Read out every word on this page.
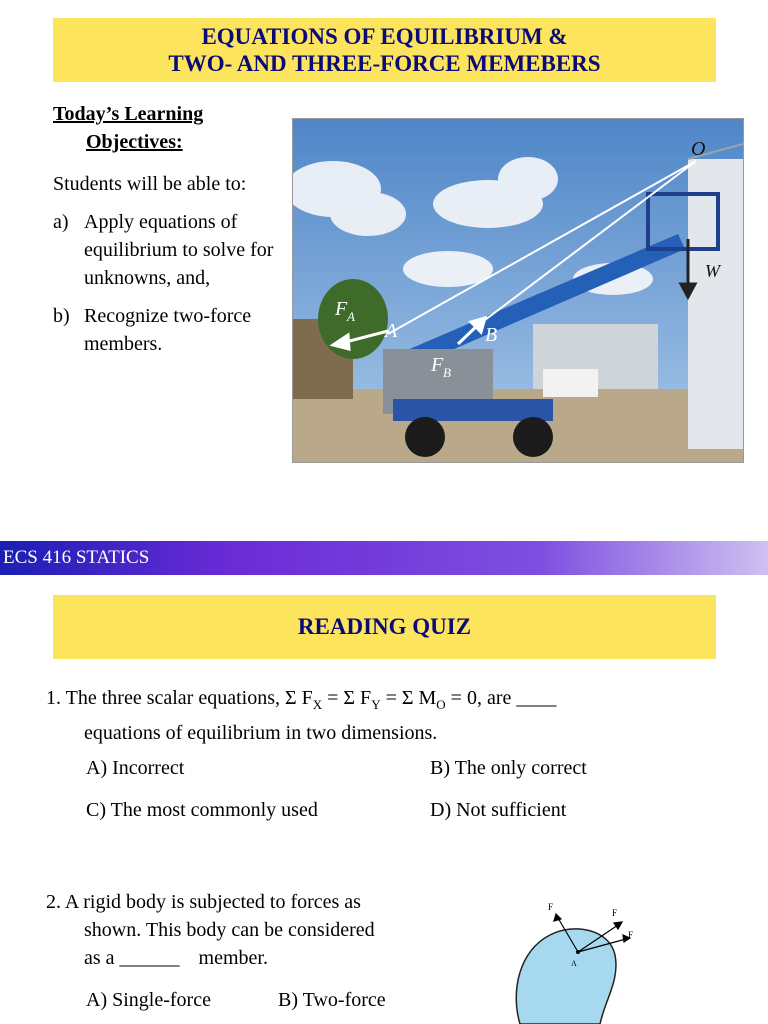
EQUATIONS OF EQUILIBRIUM &
TWO- AND THREE-FORCE MEMEBERS
Today’s Learning
Objectives:
Students will be able to:
a) Apply equations of equilibrium to solve for unknowns, and,
b) Recognize two-force members.
O
W
F A
A	B
F B
ECS 416 STATICS
READING QUIZ
1. The three scalar equations, Σ $F_X = \Sigma$ $F_Y = \Sigma$ $M_O = 0$, are ____
equations of equilibrium in two dimensions.
A) Incorrect	B) The only correct
C) The most commonly used	D) Not sufficient
2. A rigid body is subjected to forces as
shown. This body can be considered
as a ______ member.
A) Single-force	B) Two-force
F
F
F
A
